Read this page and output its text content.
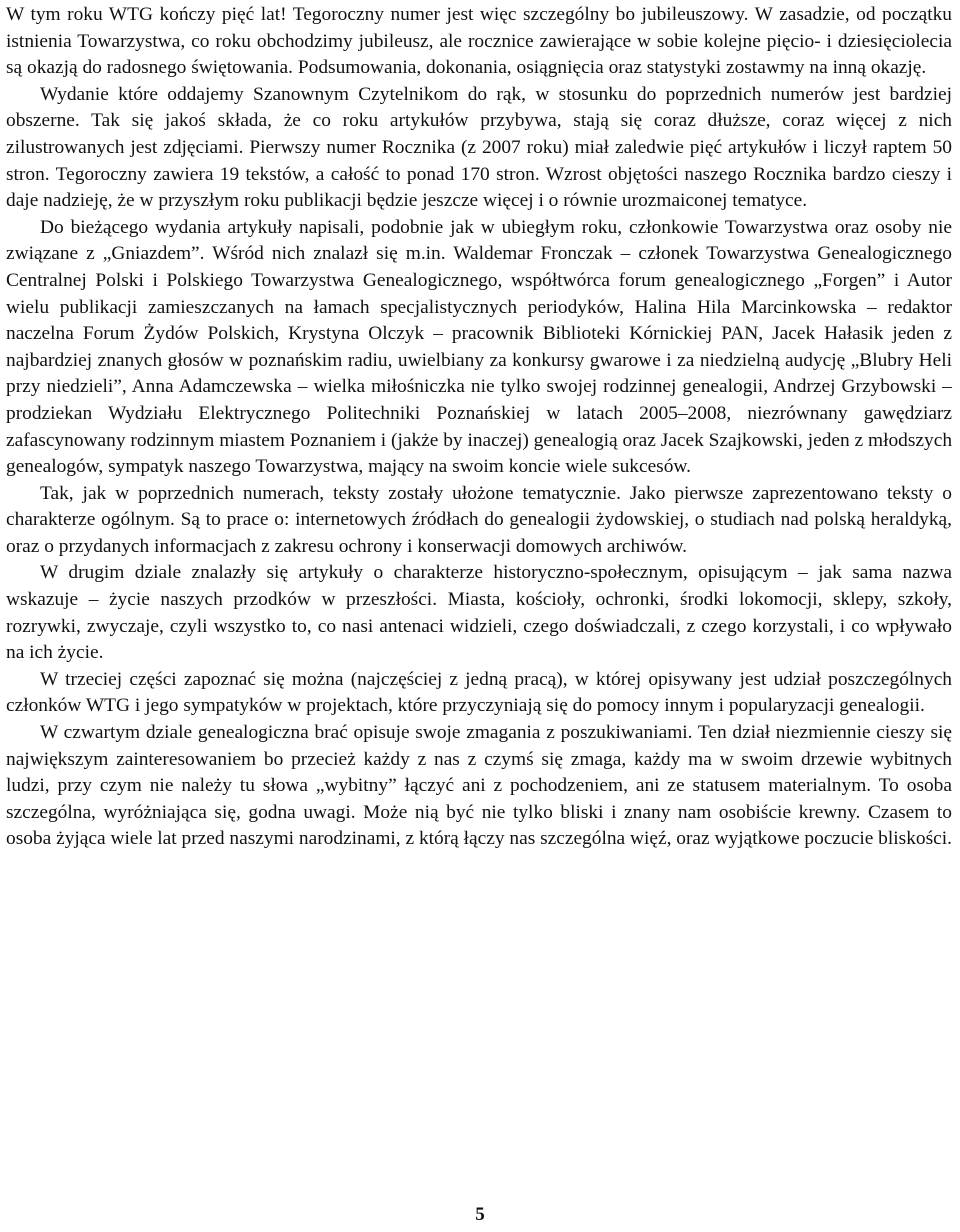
W tym roku WTG kończy pięć lat! Tegoroczny numer jest więc szczególny bo jubileuszowy. W zasadzie, od początku istnienia Towarzystwa, co roku obchodzimy jubileusz, ale rocznice zawierające w sobie kolejne pięcio- i dziesięciolecia są okazją do radosnego świętowania. Podsumowania, dokonania, osiągnięcia oraz statystyki zostawmy na inną okazję.

Wydanie które oddajemy Szanownym Czytelnikom do rąk, w stosunku do poprzednich numerów jest bardziej obszerne. Tak się jakoś składa, że co roku artykułów przybywa, stają się coraz dłuższe, coraz więcej z nich zilustrowanych jest zdjęciami. Pierwszy numer Rocznika (z 2007 roku) miał zaledwie pięć artykułów i liczył raptem 50 stron. Tegoroczny zawiera 19 tekstów, a całość to ponad 170 stron. Wzrost objętości naszego Rocznika bardzo cieszy i daje nadzieję, że w przyszłym roku publikacji będzie jeszcze więcej i o równie urozmaiconej tematyce.

Do bieżącego wydania artykuły napisali, podobnie jak w ubiegłym roku, członkowie Towarzystwa oraz osoby nie związane z „Gniazdem”. Wśród nich znalazł się m.in. Waldemar Fronczak – członek Towarzystwa Genealogicznego Centralnej Polski i Polskiego Towarzystwa Genealogicznego, współtwórca forum genealogicznego „Forgen” i Autor wielu publikacji zamieszczanych na łamach specjalistycznych periodyków, Halina Hila Marcinkowska – redaktor naczelna Forum Żydów Polskich, Krystyna Olczyk – pracownik Biblioteki Kórnickiej PAN, Jacek Hałasik jeden z najbardziej znanych głosów w poznańskim radiu, uwielbiany za konkursy gwarowe i za niedzielną audycję „Blubry Heli przy niedzieli”, Anna Adamczewska – wielka miłośniczka nie tylko swojej rodzinnej genealogii, Andrzej Grzybowski – prodziekan Wydziału Elektrycznego Politechniki Poznańskiej w latach 2005–2008, niezrównany gawędziarz zafascynowany rodzinnym miastem Poznaniem i (jakże by inaczej) genealogią oraz Jacek Szajkowski, jeden z młodszych genealogów, sympatyk naszego Towarzystwa, mający na swoim koncie wiele sukcesów.

Tak, jak w poprzednich numerach, teksty zostały ułożone tematycznie. Jako pierwsze zaprezentowano teksty o charakterze ogólnym. Są to prace o: internetowych źródłach do genealogii żydowskiej, o studiach nad polską heraldyką, oraz o przydanych informacjach z zakresu ochrony i konserwacji domowych archiwów.

W drugim dziale znalazły się artykuły o charakterze historyczno-społecznym, opisującym – jak sama nazwa wskazuje – życie naszych przodków w przeszłości. Miasta, kościoły, ochronki, środki lokomocji, sklepy, szkoły, rozrywki, zwyczaje, czyli wszystko to, co nasi antenaci widzieli, czego doświadczali, z czego korzystali, i co wpływało na ich życie.

W trzeciej części zapoznać się można (najczęściej z jedną pracą), w której opisywany jest udział poszczególnych członków WTG i jego sympatyków w projektach, które przyczyniają się do pomocy innym i popularyzacji genealogii.

W czwartym dziale genealogiczna brać opisuje swoje zmagania z poszukiwaniami. Ten dział niezmiennie cieszy się największym zainteresowaniem bo przecież każdy z nas z czymś się zmaga, każdy ma w swoim drzewie wybitnych ludzi, przy czym nie należy tu słowa „wybitny” łączyć ani z pochodzeniem, ani ze statusem materialnym. To osoba szczególna, wyróżniająca się, godna uwagi. Może nią być nie tylko bliski i znany nam osobiście krewny. Czasem to osoba żyjąca wiele lat przed naszymi narodzinami, z którą łączy nas szczególna więź, oraz wyjątkowe poczucie bliskości.

5
